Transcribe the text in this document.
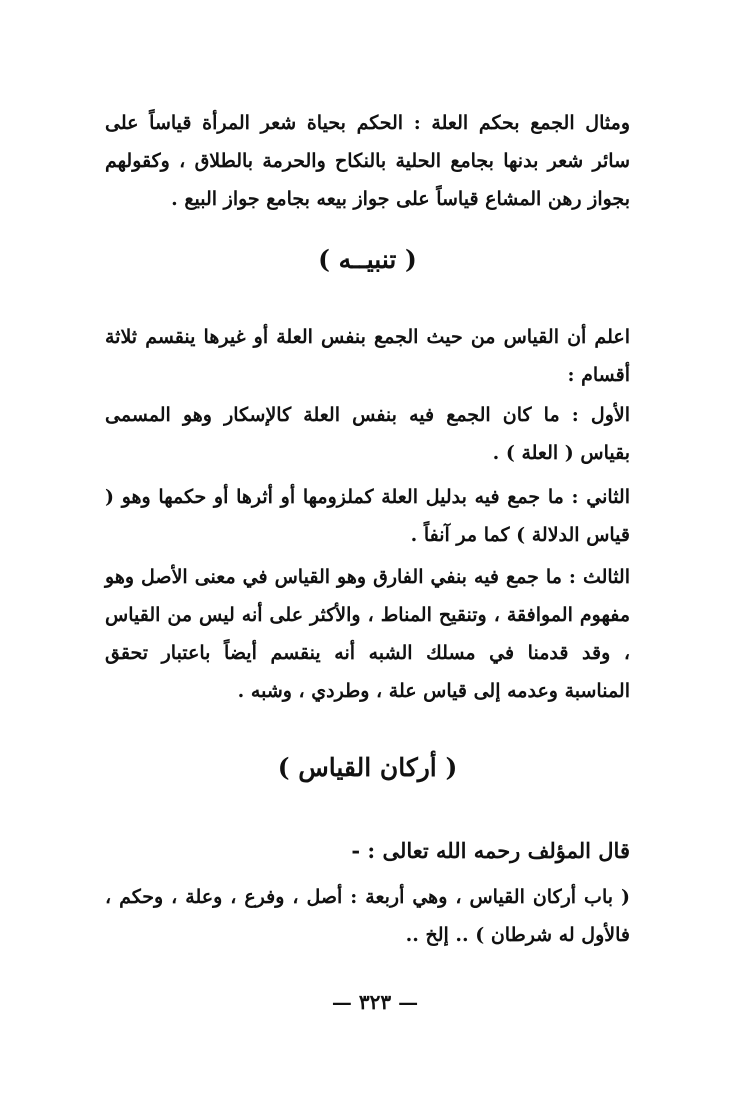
ومثال الجمع بحكم العلة : الحكم بحياة شعر المرأة قياساً على سائر شعر بدنها بجامع الحلية بالنكاح والحرمة بالطلاق ، وكقولهم بجواز رهن المشاع قياساً على جواز بيعه بجامع جواز البيع .
( تنبيــه )
اعلم أن القياس من حيث الجمع بنفس العلة أو غيرها ينقسم ثلاثة أقسام :
الأول : ما كان الجمع فيه بنفس العلة كالإسكار وهو المسمى بقياس ( العلة ) .
الثاني : ما جمع فيه بدليل العلة كملزومها أو أثرها أو حكمها وهو ( قياس الدلالة ) كما مر آنفاً .
الثالث : ما جمع فيه بنفي الفارق وهو القياس في معنى الأصل وهو مفهوم الموافقة ، وتنقيح المناط ، والأكثر على أنه ليس من القياس ، وقد قدمنا في مسلك الشبه أنه ينقسم أيضاً باعتبار تحقق المناسبة وعدمه إلى قياس علة ، وطردي ، وشبه .
( أركان القياس )
قال المؤلف رحمه الله تعالى : -
( باب أركان القياس ، وهي أربعة : أصل ، وفرع ، وعلة ، وحكم ، فالأول له شرطان ) .. إلخ ..
— ٣٢٣ —
